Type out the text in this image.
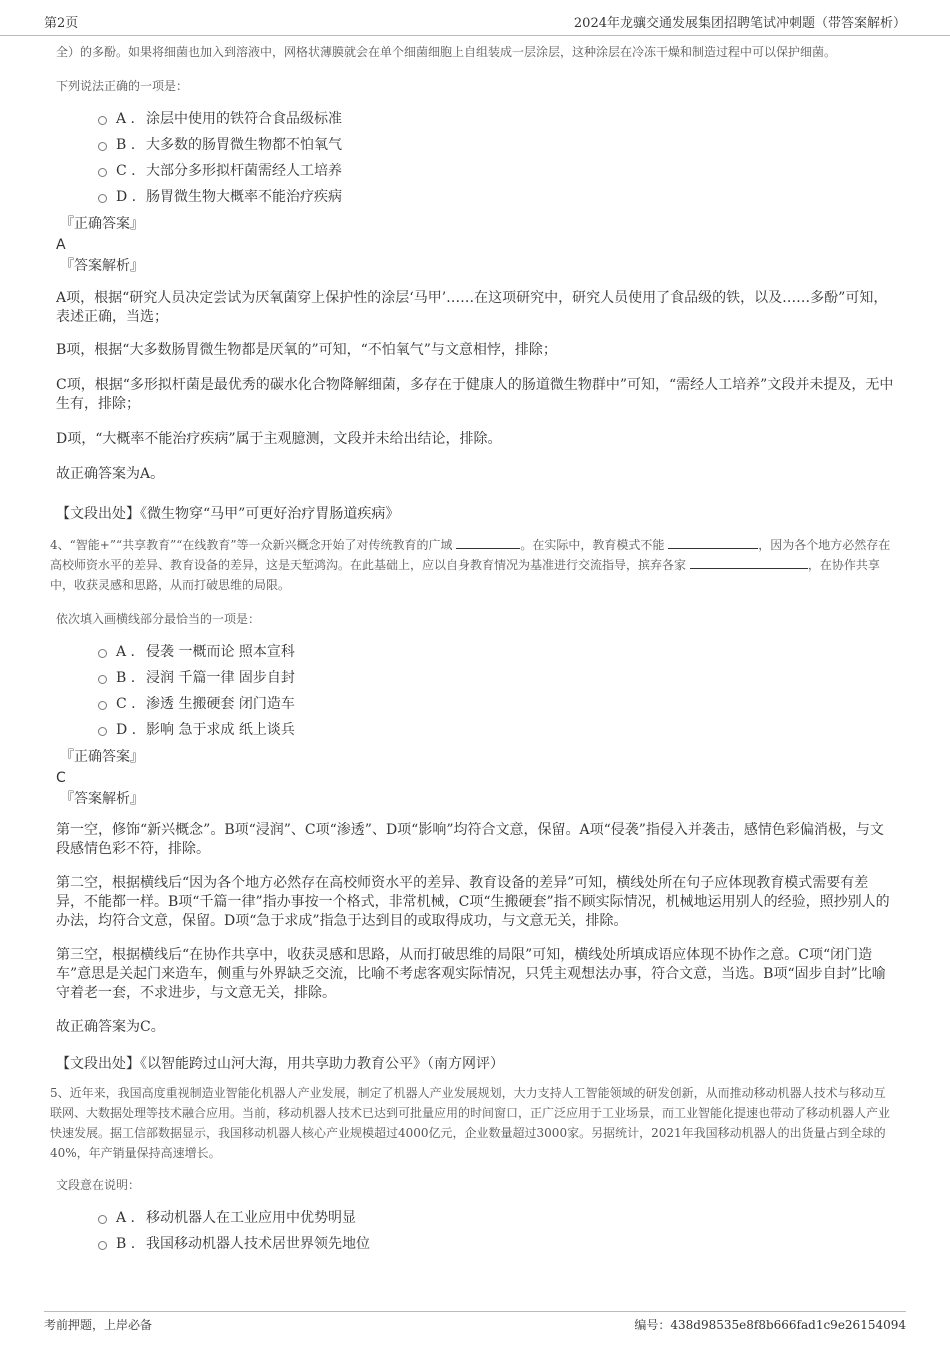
第2页	2024年龙骧交通发展集团招聘笔试冲刺题（带答案解析）

全）的多酚。如果将细菌也加入到溶液中，网格状薄膜就会在单个细菌细胞上自组装成一层涂层，这种涂层在冷冻干燥和制造过程中可以保护细菌。

下列说法正确的一项是：

A . 涂层中使用的铁符合食品级标准
B . 大多数的肠胃微生物都不怕氧气
C . 大部分多形拟杆菌需经人工培养
D . 肠胃微生物大概率不能治疗疾病
『正确答案』
A
『答案解析』

A项，根据“研究人员决定尝试为厌氧菌穿上保护性的涂层‘马甲’……在这项研究中，研究人员使用了食品级的铁，以及……多酚”可知，表述正确，当选；

B项，根据“大多数肠胃微生物都是厌氧的”可知，“不怕氧气”与文意相悖，排除；

C项，根据“多形拟杆菌是最优秀的碳水化合物降解细菌，多存在于健康人的肠道微生物群中”可知，“需经人工培养”文段并未提及，无中生有，排除；

D项，“大概率不能治疗疾病”属于主观臆测，文段并未给出结论，排除。

故正确答案为A。

【文段出处】《微生物穿“马甲”可更好治疗胃肠道疾病》

4、“智能+”“共享教育”“在线教育”等一众新兴概念开始了对传统教育的广域	。在实际中，教育模式不能	，因为各个地方必然存在高校师资水平的差异、教育设备的差异，这是天堑鸿沟。在此基础上，应以自身教育情况为基准进行交流指导，摈弃各家	，在协作共享中，收获灵感和思路，从而打破思维的局限。

依次填入画横线部分最恰当的一项是：

A . 侵袭 一概而论 照本宣科
B . 浸润 千篇一律 固步自封
C . 渗透 生搬硬套 闭门造车
D . 影响 急于求成 纸上谈兵
『正确答案』
C
『答案解析』

第一空，修饰“新兴概念”。B项“浸润”、C项“渗透”、D项“影响”均符合文意，保留。A项“侵袭”指侵入并袭击，感情色彩偏消极，与文段感情色彩不符，排除。

第二空，根据横线后“因为各个地方必然存在高校师资水平的差异、教育设备的差异”可知，横线处所在句子应体现教育模式需要有差异，不能都一样。B项“千篇一律”指办事按一个格式，非常机械，C项“生搬硬套”指不顾实际情况，机械地运用别人的经验，照抄别人的办法，均符合文意，保留。D项“急于求成”指急于达到目的或取得成功，与文意无关，排除。

第三空，根据横线后“在协作共享中，收获灵感和思路，从而打破思维的局限”可知，横线处所填成语应体现不协作之意。C项“闭门造车”意思是关起门来造车，侧重与外界缺乏交流，比喻不考虑客观实际情况，只凭主观想法办事，符合文意，当选。B项“固步自封”比喻守着老一套，不求进步，与文意无关，排除。

故正确答案为C。

【文段出处】《以智能跨过山河大海，用共享助力教育公平》（南方网评）

5、近年来，我国高度重视制造业智能化机器人产业发展，制定了机器人产业发展规划，大力支持人工智能领域的研发创新，从而推动移动机器人技术与移动互联网、大数据处理等技术融合应用。当前，移动机器人技术已达到可批量应用的时间窗口，正广泛应用于工业场景，而工业智能化提速也带动了移动机器人产业快速发展。据工信部数据显示，我国移动机器人核心产业规模超过4000亿元，企业数量超过3000家。另据统计，2021年我国移动机器人的出货量占到全球的40%，年产销量保持高速增长。

文段意在说明：

A . 移动机器人在工业应用中优势明显
B . 我国移动机器人技术居世界领先地位
考前押题，上岸必备	编号：438d98535e8f8b666fad1c9e26154094
